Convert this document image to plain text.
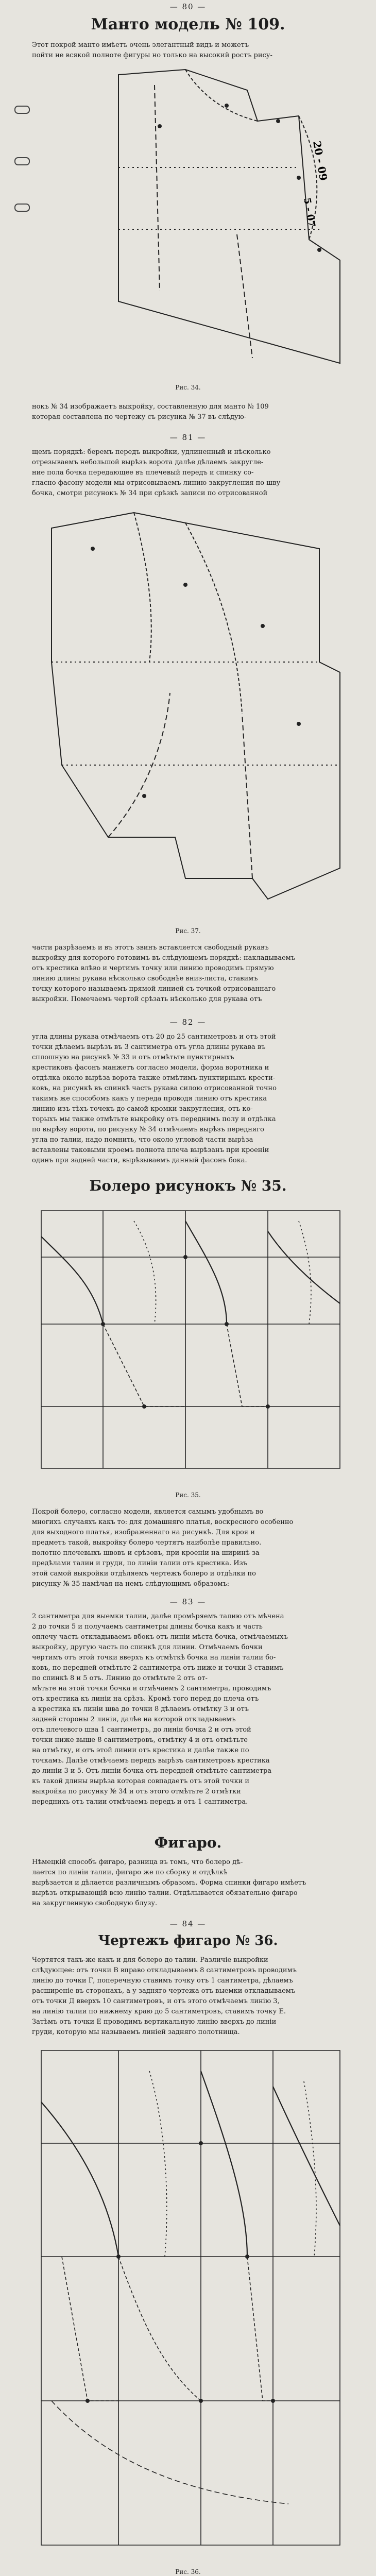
— 80 —
Манто модель № 109.
Этот покрой манто имѣетъ очень элегантный видъ и можетъ
пойти не всякой полноте фигуры но только на высокий ростъ рису-
20 - 09
5 - 07
Рис. 34.
нокъ № 34 изображаетъ выкройку, составленную для манто № 109
которая составлена по чертежу съ рисунка № 37 въ слѣдую-
— 81 —
щемъ порядкѣ: беремъ передъ выкройки, удлиненный и нѣсколько
отрезываемъ небольшой вырѣзъ ворота далѣе дѣлаемъ закругле-
ние пола бочка передающее въ плечевый передъ и спинку со-
гласно фасону модели мы отрисовываемъ линию закругления по шву
бочка, смотри рисунокъ № 34 при срѣзкѣ записи по отрисованной
Рис. 37.
части разрѣзаемъ и въ этотъ звинъ вставляется свободный рукавъ
выкройку для которого готовимъ въ слѣдующемъ порядкѣ: накладываемъ
отъ крестика влѣво и чертимъ точку или линию проводимъ прямую
линию длины рукава нѣсколько свободнѣе вниз-листа, ставимъ
точку которого называемъ прямой линией съ точкой отрисованнаго
выкройки. Помечаемъ чертой срѣзать нѣсколько для рукава отъ
— 82 —
угла длины рукава отмѣчаемъ отъ 20 до 25 сантиметровъ и отъ этой
точки дѣлаемъ вырѣзъ въ 3 сантиметра отъ угла длины рукава въ
сплошную на рисункѣ № 33 и отъ отмѣтьте пунктирныхъ
крестиковъ фасонъ манжетъ согласно модели, форма воротника и
отдѣлка около вырѣза ворота также отмѣтимъ пунктирныхъ крести-
ковъ, на рисункѣ въ спинкѣ часть рукава силою отрисованной точно
такимъ же способомъ какъ у переда проводя линию отъ крестика
линию изъ тѣхъ точекъ до самой кромки закругления, отъ ко-
торыхъ мы также отмѣтьте выкройку отъ переднимъ полу и отдѣлка
по вырѣзу ворота, по рисунку № 34 отмѣчаемъ вырѣзъ передняго
угла по талии, надо помнить, что около угловой части вырѣза
вставлены таковыми кроемъ полнота плеча вырѣзанъ при кроенiи
одинъ при задней части, вырѣзываемъ данный фасонъ бока.
Болеро рисунокъ № 35.
Рис. 35.
Покрой болеро, согласно модели, является самымъ удобнымъ во
многихъ случаяхъ какъ то: для домашняго платья, воскресного особенно
для выходного платья, изображеннаго на рисункѣ. Для кроя и
предметъ такой, выкройку болеро чертятъ наиболѣе правильно.
полотно плечевыхъ швовъ и срѣзовъ, при кроенiи на ширинѣ за
предѣлами талии и груди, по линiи талии отъ крестика. Изъ
этой самой выкройки отдѣляемъ чертежъ болеро и отдѣлки по
рисунку № 35 намѣчая на немъ слѣдующимъ образомъ:
— 83 —
2 сантиметра для выемки талии, далѣе промѣряемъ талию отъ мѣчена
2 до точки 5 и получаемъ сантиметры длины бочка какъ и часть
оплечу часть откладываемъ вбокъ отъ линiи мѣста бочка, отмѣчаемыхъ
выкройку, другую часть по спинкѣ для линии. Отмѣчаемъ бочки
чертимъ отъ этой точки вверхъ къ отмѣткѣ бочка на линiи талии бо-
ковъ, по передней отмѣтьте 2 сантиметра отъ ниже и точки 3 ставимъ
по спинкѣ 8 и 5 отъ. Линию до отмѣтьте 2 отъ от-
мѣтьте на этой точки бочка и отмѣчаемъ 2 сантиметра, проводимъ
отъ крестика къ линiи на срѣзъ. Кромѣ того перед до плеча отъ
а крестика къ линiи шва до точки 8 дѣлаемъ отмѣтку 3 и отъ
задней стороны 2 линiи, далѣе на которой откладываемъ
отъ плечевого шва 1 сантиметръ, до линiи бочка 2 и отъ этой
точки ниже выше 8 сантиметровъ, отмѣтку 4 и отъ отмѣтьте
на отмѣтку, и отъ этой линии отъ крестика и далѣе также по
точкамъ. Далѣе отмѣчаемъ передъ вырѣзъ сантиметровъ крестика
до линiи 3 и 5. Отъ линiи бочка отъ передней отмѣтьте сантиметра
къ такой длины вырѣза которая совпадаетъ отъ этой точки и
выкройка по рисунку № 34 и отъ этого отмѣтьте 2 отмѣтки
переднихъ отъ талии отмѣчаемъ передъ и отъ 1 сантиметра.
Фигаро.
Нѣмецкій способъ фигаро, разница въ томъ, что болеро дѣ-
лается по линiи талии, фигаро же по сборку и отдѣлкѣ
вырѣзается и дѣлается различнымъ образомъ. Форма спинки фигаро имѣетъ
вырѣзъ открывающій всю линiю талии. Отдѣлывается обязательно фигаро
на закругленную свободную блузу.
— 84 —
Чертежъ фигаро № 36.
Чертятся такъ-же какъ и для болеро до талии. Различіе выкройки
слѣдующее: отъ точки В вправо откладываемъ 8 сантиметровъ проводимъ
линію до точки Г, поперечную ставимъ точку отъ 1 сантиметра, дѣлаемъ
расширеніе въ сторонахъ, а у задняго чертежа отъ выемки откладываемъ
отъ точки Д вверхъ 10 сантиметровъ, и отъ этого отмѣчаемъ линію 3,
на линію талии по нижнему краю до 5 сантиметровъ, ставимъ точку Е.
Затѣмъ отъ точки Е проводимъ вертикальную линію вверхъ до линiи
груди, которую мы называемъ линiей задняго полотнища.
Рис. 36.
